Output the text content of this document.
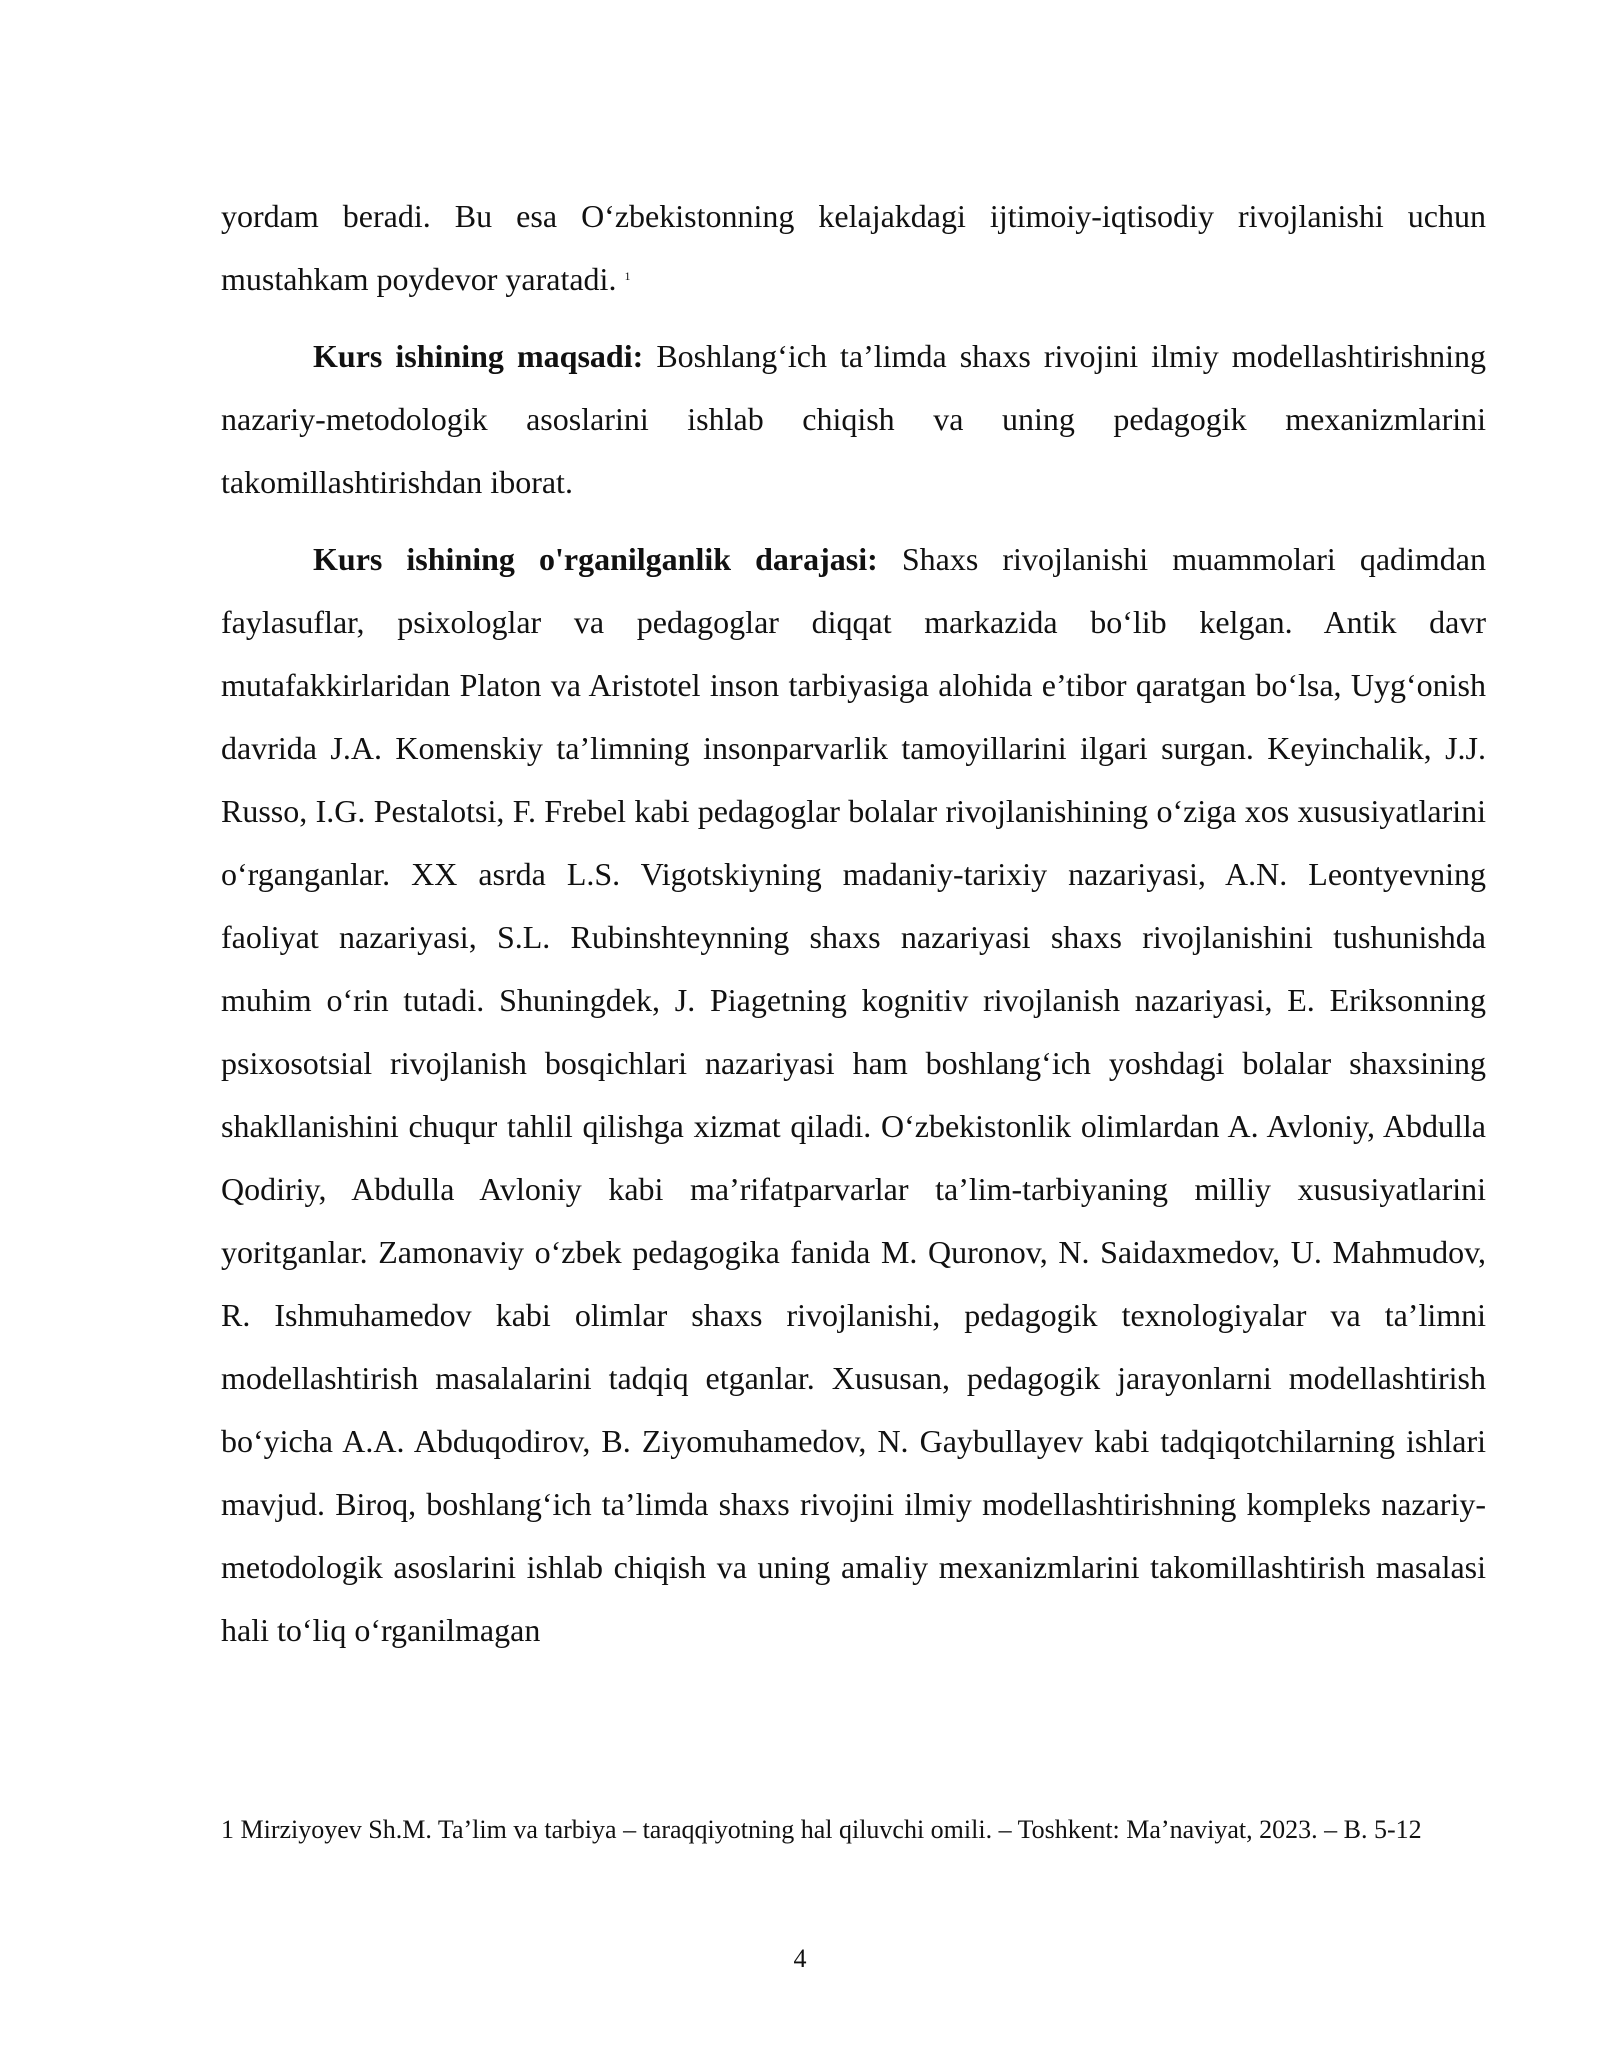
yordam beradi. Bu esa O‘zbekistonning kelajakdagi ijtimoiy-iqtisodiy rivojlanishi uchun mustahkam poydevor yaratadi. $^1$

Kurs ishining maqsadi: Boshlang‘ich ta’limda shaxs rivojini ilmiy modellashtirishning nazariy-metodologik asoslarini ishlab chiqish va uning pedagogik mexanizmlarini takomillashtirishdan iborat.

Kurs ishining o'rganilganlik darajasi: Shaxs rivojlanishi muammolari qadimdan faylasuflar, psixologlar va pedagoglar diqqat markazida bo‘lib kelgan. Antik davr mutafakkirlaridan Platon va Aristotel inson tarbiyasiga alohida e’tibor qaratgan bo‘lsa, Uyg‘onish davrida J.A. Komenskiy ta’limning insonparvarlik tamoyillarini ilgari surgan. Keyinchalik, J.J. Russo, I.G. Pestalotsi, F. Frebel kabi pedagoglar bolalar rivojlanishining o‘ziga xos xususiyatlarini o‘rganganlar. XX asrda L.S. Vigotskiyning madaniy-tarixiy nazariyasi, A.N. Leontyevning faoliyat nazariyasi, S.L. Rubinshteynning shaxs nazariyasi shaxs rivojlanishini tushunishda muhim o‘rin tutadi. Shuningdek, J. Piagetning kognitiv rivojlanish nazariyasi, E. Eriksonning psixosotsial rivojlanish bosqichlari nazariyasi ham boshlang‘ich yoshdagi bolalar shaxsining shakllanishini chuqur tahlil qilishga xizmat qiladi. O‘zbekistonlik olimlardan A. Avloniy, Abdulla Qodiriy, Abdulla Avloniy kabi ma’rifatparvarlar ta’lim-tarbiyaning milliy xususiyatlarini yoritganlar. Zamonaviy o‘zbek pedagogika fanida M. Quronov, N. Saidaxmedov, U. Mahmudov, R. Ishmuhamedov kabi olimlar shaxs rivojlanishi, pedagogik texnologiyalar va ta’limni modellashtirish masalalarini tadqiq etganlar. Xususan, pedagogik jarayonlarni modellashtirish bo‘yicha A.A. Abduqodirov, B. Ziyomuhamedov, N. Gaybullayev kabi tadqiqotchilarning ishlari mavjud. Biroq, boshlang‘ich ta’limda shaxs rivojini ilmiy modellashtirishning kompleks nazariy-metodologik asoslarini ishlab chiqish va uning amaliy mexanizmlarini takomillashtirish masalasi hali to‘liq o‘rganilmagan

1 Mirziyoyev Sh.M. Ta’lim va tarbiya – taraqqiyotning hal qiluvchi omili. – Toshkent: Ma’naviyat, 2023. – B. 5-12

4
